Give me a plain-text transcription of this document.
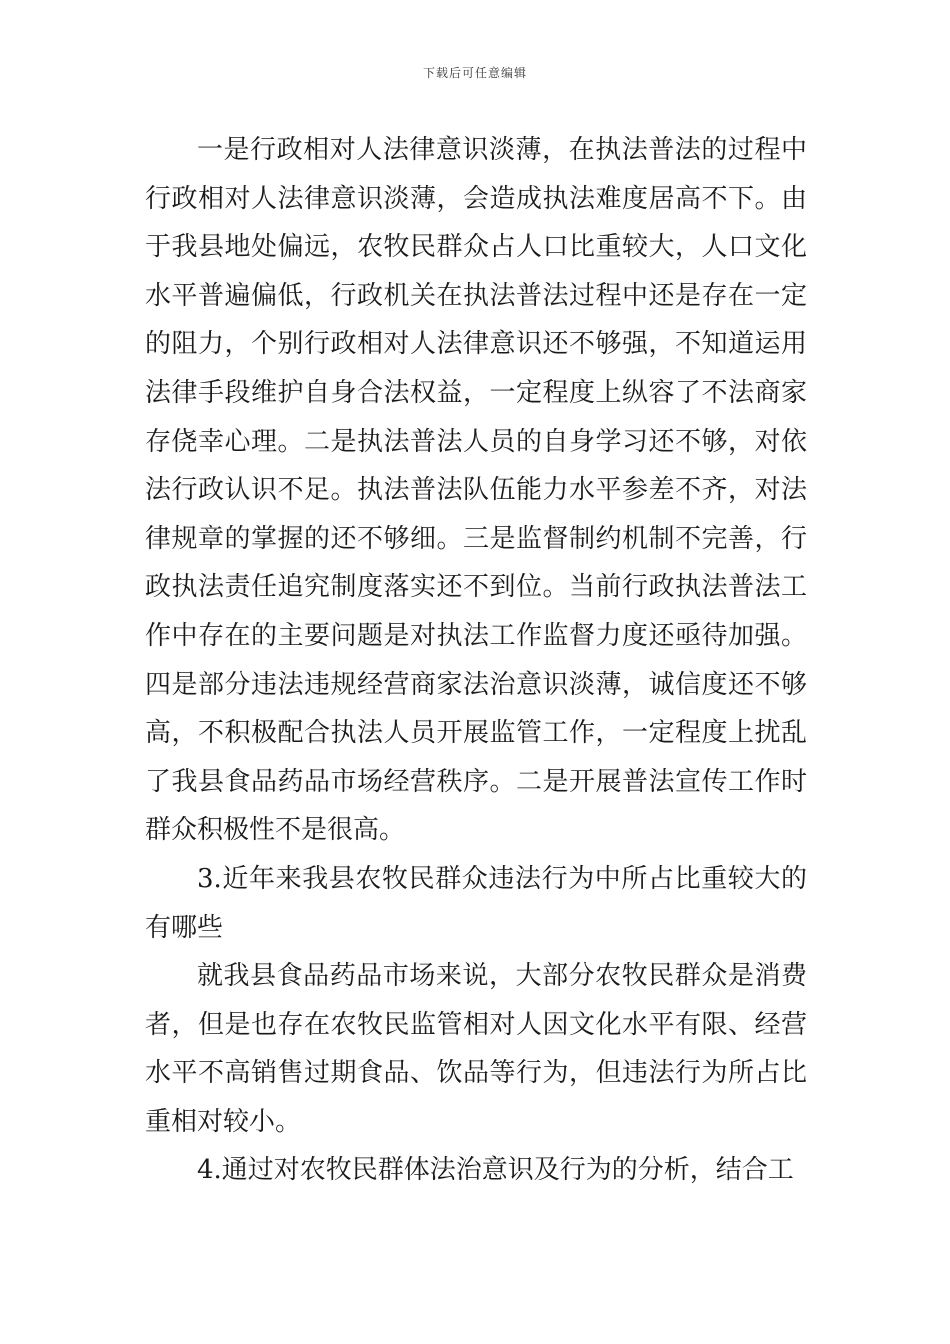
下载后可任意编辑

一是行政相对人法律意识淡薄，在执法普法的过程中行政相对人法律意识淡薄，会造成执法难度居高不下。由于我县地处偏远，农牧民群众占人口比重较大，人口文化水平普遍偏低，行政机关在执法普法过程中还是存在一定的阻力，个别行政相对人法律意识还不够强，不知道运用法律手段维护自身合法权益，一定程度上纵容了不法商家存侥幸心理。二是执法普法人员的自身学习还不够，对依法行政认识不足。执法普法队伍能力水平参差不齐，对法律规章的掌握的还不够细。三是监督制约机制不完善，行政执法责任追究制度落实还不到位。当前行政执法普法工作中存在的主要问题是对执法工作监督力度还亟待加强。四是部分违法违规经营商家法治意识淡薄，诚信度还不够高，不积极配合执法人员开展监管工作，一定程度上扰乱了我县食品药品市场经营秩序。二是开展普法宣传工作时群众积极性不是很高。

3.近年来我县农牧民群众违法行为中所占比重较大的有哪些

就我县食品药品市场来说，大部分农牧民群众是消费者，但是也存在农牧民监管相对人因文化水平有限、经营水平不高销售过期食品、饮品等行为，但违法行为所占比重相对较小。

4.通过对农牧民群体法治意识及行为的分析，结合工
